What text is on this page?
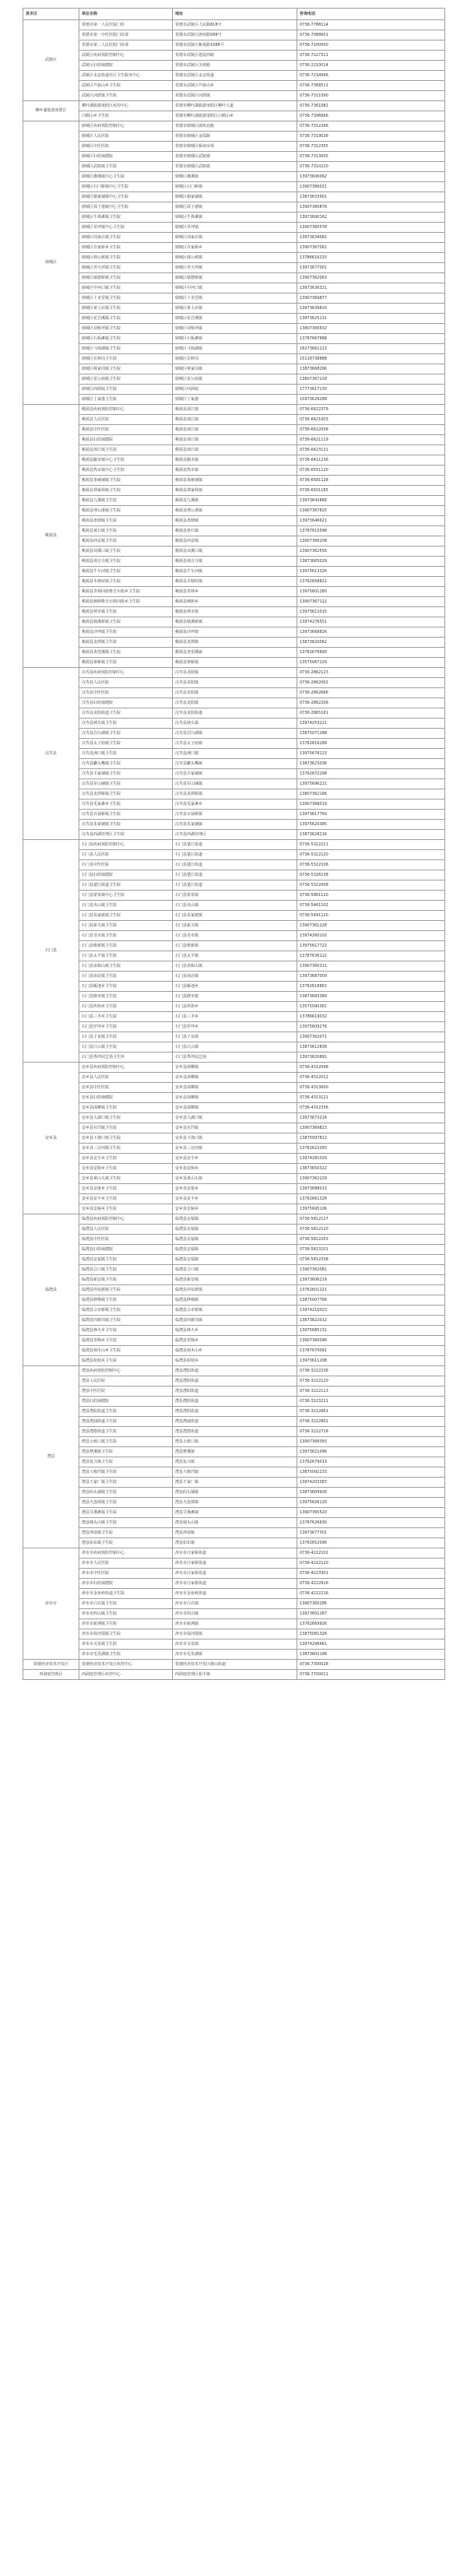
县市区	单位名称	地址	咨询电话
武陵区	常德市第一人民医院门诊	常德市武陵区人民路818号	0736-7788114
	常德市第一中医医院门诊部	常德市武陵区朗州路588号	0736-7088601
	常德市第二人民医院门诊部	常德市武陵区紫菱路1088号	0736-7200000
	武陵区疾病预防控制中心	常德市武陵区建设西路	0736-7227311
	武陵区妇幼保健院	常德市武陵区芙蓉路	0736-2210014
	武陵区永安街道社区卫生服务中心	常德市武陵区永安街道	0736-7234566
	武陵区芦荻山乡卫生院	常德市武陵区芦荻山乡	0736-7368511
	武陵区河洑镇卫生院	常德市武陵区河洑镇	0736-7311090
柳叶湖旅游度假区	柳叶湖旅游度假区疾控中心	常德市柳叶湖旅游度假区柳叶大道	0736-7361082
	白鹤山乡卫生院	常德市柳叶湖旅游度假区白鹤山乡	0736-7396666
鼎城区	鼎城区疾病预防控制中心	常德市鼎城区郎州北路	0736-7312266
	鼎城区人民医院	常德市鼎城区金霞路	0736-7319038
	鼎城区中医医院	常德市鼎城区桥南市场	0736-7312355
	鼎城区妇幼保健院	常德市鼎城区武陵镇	0736-7313005
	鼎城区武陵镇卫生院	常德市鼎城区武陵镇	0736-7310220
	鼎城区灌溪镇中心卫生院	鼎城区灌溪镇	13973606062
	鼎城区石门桥镇中心卫生院	鼎城区石门桥镇	13907366021
	鼎城区谢家铺镇中心卫生院	鼎城区谢家铺镇	13873633901
	鼎城区蒿子港镇中心卫生院	鼎城区蒿子港镇	13907360876
	鼎城区牛鼻滩镇卫生院	鼎城区牛鼻滩镇	13973690162
	鼎城区草坪镇中心卫生院	鼎城区草坪镇	13907360578
	鼎城区周家店镇卫生院	鼎城区周家店镇	13973634081
	鼎城区许家桥乡卫生院	鼎城区许家桥乡	13907367061
	鼎城区韩公渡镇卫生院	鼎城区韩公渡镇	13786616233
	鼎城区尧天坪镇卫生院	鼎城区尧天坪镇	13973677001
	鼎城区镇德桥镇卫生院	鼎城区镇德桥镇	13907362063
	鼎城区中河口镇卫生院	鼎城区中河口镇	13973636321
	鼎城区十美堂镇卫生院	鼎城区十美堂镇	13907369877
	鼎城区黄土店镇卫生院	鼎城区黄土店镇	13973639810
	鼎城区花岩溪镇卫生院	鼎城区花岩溪镇	13973625131
	鼎城区双桥坪镇卫生院	鼎城区双桥坪镇	13807366632
	鼎城区石板滩镇卫生院	鼎城区石板滩镇	13787667888
	鼎城区斗姆湖镇卫生院	鼎城区斗姆湖镇	18273661223
	鼎城区长岭岗卫生院	鼎城区长岭岗	15116738888
	鼎城区蔡家岗镇卫生院	鼎城区蔡家岗镇	13873668266
	鼎城区雷公庙镇卫生院	鼎城区雷公庙镇	13807367228
	鼎城区西洞庭卫生院	鼎城区西洞庭	17773617130
	鼎城区丁家港卫生院	鼎城区丁家港	15973629288
桃源县	桃源县疾病预防控制中心	桃源县漳江镇	0736-6622379
	桃源县人民医院	桃源县漳江镇	0736-6621003
	桃源县中医医院	桃源县漳江镇	0736-6622058
	桃源县妇幼保健院	桃源县漳江镇	0736-6621119
	桃源县漳江镇卫生院	桃源县漳江镇	0736-6623131
	桃源县陬市镇中心卫生院	桃源县陬市镇	0736-6411236
	桃源县热市镇中心卫生院	桃源县热市镇	0736-6551120
	桃源县茶庵铺镇卫生院	桃源县茶庵铺镇	0736-6581128
	桃源县郑家驿镇卫生院	桃源县郑家驿镇	0736-6501185
	桃源县九溪镇卫生院	桃源县九溪镇	13973642866
	桃源县理公港镇卫生院	桃源县理公港镇	13907367825
	桃源县盘塘镇卫生院	桃源县盘塘镇	13973646621
	桃源县黄石镇卫生院	桃源县黄石镇	13787615598
	桃源县西安镇卫生院	桃源县西安镇	13907366208
	桃源县双溪口镇卫生院	桃源县双溪口镇	13907362556
	桃源县观音寺镇卫生院	桃源县观音寺镇	13873665029
	桃源县牛车河镇卫生院	桃源县牛车河镇	13975613326
	桃源县木塘垸镇卫生院	桃源县木塘垸镇	13762658821
	桃源县青林回族维吾尔族乡卫生院	桃源县青林乡	13975601280
	桃源县枫树维吾尔族回族乡卫生院	桃源县枫树乡	13907367122
	桃源县剪市镇卫生院	桃源县剪市镇	13973612015
	桃源县杨溪桥镇卫生院	桃源县杨溪桥镇	13974276551
	桃源县沙坪镇卫生院	桃源县沙坪镇	13973668826
	桃源县龙潭镇卫生院	桃源县龙潭镇	13873620062
	桃源县夷望溪镇卫生院	桃源县夷望溪镇	13762676690
	桃源县架桥镇卫生院	桃源县架桥镇	13575067229
汉寿县	汉寿县疾病预防控制中心	汉寿县龙阳镇	0736-2862123
	汉寿县人民医院	汉寿县龙阳镇	0736-2862002
	汉寿县中医医院	汉寿县龙阳镇	0736-2862666
	汉寿县妇幼保健院	汉寿县龙阳镇	0736-2862206
	汉寿县龙阳街道卫生院	汉寿县龙阳街道	0736-2865161
	汉寿县坡头镇卫生院	汉寿县坡头镇	13974253221
	汉寿县岩汪湖镇卫生院	汉寿县岩汪湖镇	13875071288
	汉寿县太子庙镇卫生院	汉寿县太子庙镇	13762616289
	汉寿县洲口镇卫生院	汉寿县洲口镇	13975678123
	汉寿县罐头嘴镇卫生院	汉寿县罐头嘴镇	13873623036
	汉寿县丰家铺镇卫生院	汉寿县丰家铺镇	13762672298
	汉寿县军山铺镇卫生院	汉寿县军山铺镇	13975696221
	汉寿县龙潭桥镇卫生院	汉寿县龙潭桥镇	13807362166
	汉寿县毛家滩乡卫生院	汉寿县毛家滩乡	13907368019
	汉寿县百禄桥镇卫生院	汉寿县百禄桥镇	13973617760
	汉寿县朱家铺镇卫生院	汉寿县朱家铺镇	13975620385
	汉寿县西湖管理区卫生院	汉寿县西湖管理区	13873628216
石门县	石门县疾病预防控制中心	石门县楚江街道	0736-5322221
	石门县人民医院	石门县楚江街道	0736-5322120
	石门县中医医院	石门县楚江街道	0736-5322106
	石门县妇幼保健院	石门县楚江街道	0736-5326138
	石门县楚江街道卫生院	石门县楚江街道	0736-5322008
	石门县蒙泉镇中心卫生院	石门县蒙泉镇	0736-5881120
	石门县夹山镇卫生院	石门县夹山镇	0736-5461102
	石门县易家渡镇卫生院	石门县易家渡镇	0736-5491120
	石门县新关镇卫生院	石门县新关镇	13907361228
	石门县皂市镇卫生院	石门县皂市镇	13974260102
	石门县维新镇卫生院	石门县维新镇	13975617722
	石门县太平镇卫生院	石门县太平镇	13787636122
	石门县壶瓶山镇卫生院	石门县壶瓶山镇	13907360311
	石门县南北镇卫生院	石门县南北镇	13973687009
	石门县雁池乡卫生院	石门县雁池乡	13762618863
	石门县磨市镇卫生院	石门县磨市镇	13873683380
	石门县所街乡卫生院	石门县所街乡	13575090361
	石门县三圣乡卫生院	石门县三圣乡	13786619032
	石门县罗坪乡卫生院	石门县罗坪乡	13975609276
	石门县子良镇卫生院	石门县子良镇	13907362071
	石门县白云镇卫生院	石门县白云镇	13873612836
	石门县秀坪园艺场卫生所	石门县秀坪园艺场	13973620891
安乡县	安乡县疾病预防控制中心	安乡县深柳镇	0736-4312098
	安乡县人民医院	安乡县深柳镇	0736-4312012
	安乡县中医医院	安乡县深柳镇	0736-4313600
	安乡县妇幼保健院	安乡县深柳镇	0736-4313121
	安乡县深柳镇卫生院	安乡县深柳镇	0736-4312336
	安乡县大湖口镇卫生院	安乡县大湖口镇	13973673218
	安乡县官垱镇卫生院	安乡县官垱镇	13907369823
	安乡县下渔口镇卫生院	安乡县下渔口镇	13875097812
	安乡县三岔河镇卫生院	安乡县三岔河镇	13762621093
	安乡县安全乡卫生院	安乡县安全乡	13974281029
	安乡县安障乡卫生院	安乡县安障乡	13873650322
	安乡县黄山头镇卫生院	安乡县黄山头镇	13907362229
	安乡县安康乡卫生院	安乡县安康乡	13973688013
	安乡县安丰乡卫生院	安乡县安丰乡	13762661326
	安乡县安凝乡卫生院	安乡县安凝乡	13975695106
临澧县	临澧县疾病预防控制中心	临澧县安福镇	0736-5812127
	临澧县人民医院	临澧县安福镇	0736-5812120
	临澧县中医医院	临澧县安福镇	0736-5812203
	临澧县妇幼保健院	临澧县安福镇	0736-5813101
	临澧县安福镇卫生院	临澧县安福镇	0736-5812338
	临澧县合口镇卫生院	临澧县合口镇	13907362081
	临澧县新安镇卫生院	临澧县新安镇	13973606219
	临澧县停弦渡镇卫生院	临澧县停弦渡镇	13762601221
	临澧县修梅镇卫生院	临澧县修梅镇	13875007766
	临澧县佘市桥镇卫生院	临澧县佘市桥镇	13974210023
	临澧县四新岗镇卫生院	临澧县四新岗镇	13873622012
	临澧县烽火乡卫生院	临澧县烽火乡	13975685131
	临澧县望城乡卫生院	临澧县望城乡	13907360096
	临澧县刻木山乡卫生院	临澧县刻木山乡	13787670091
	临澧县柏枝乡卫生院	临澧县柏枝乡	13973611208
澧县	澧县疾病预防控制中心	澧县澧阳街道	0736-3222236
	澧县人民医院	澧县澧阳街道	0736-3222120
	澧县中医医院	澧县澧阳街道	0736-3222113
	澧县妇幼保健院	澧县澧阳街道	0736-3223211
	澧县澧阳街道卫生院	澧县澧阳街道	0736-3222661
	澧县澧浦街道卫生院	澧县澧浦街道	0736-3222802
	澧县澧澹街道卫生院	澧县澧澹街道	0736-3222716
	澧县小渡口镇卫生院	澧县小渡口镇	13907366093
	澧县梦溪镇卫生院	澧县梦溪镇	13973621096
	澧县复兴镇卫生院	澧县复兴镇	13762679013
	澧县大堰垱镇卫生院	澧县大堰垱镇	13875092233
	澧县王家厂镇卫生院	澧县王家厂镇	13974203387
	澧县码头铺镇卫生院	澧县码头铺镇	13873609926
	澧县火连坡镇卫生院	澧县火连坡镇	13975626120
	澧县甘溪滩镇卫生院	澧县甘溪滩镇	13907365520
	澧县城头山镇卫生院	澧县城头山镇	13787626630
	澧县涔南镇卫生院	澧县涔南镇	13973677301
	澧县如东镇卫生院	澧县如东镇	13762652096
津市市	津市市疾病预防控制中心	津市市汪家桥街道	0736-4222102
	津市市人民医院	津市市汪家桥街道	0736-4222120
	津市市中医医院	津市市汪家桥街道	0736-4223301
	津市市妇幼保健院	津市市汪家桥街道	0736-4222816
	津市市金鱼岭街道卫生院	津市市金鱼岭街道	0736-4222216
	津市市白衣镇卫生院	津市市白衣镇	13907360286
	津市市药山镇卫生院	津市市药山镇	13973601287
	津市市新洲镇卫生院	津市市新洲镇	13762669926
	津市市保河堤镇卫生院	津市市保河堤镇	13875081326
	津市市灵泉镇卫生院	津市市灵泉镇	13974296661
	津市市毛里湖镇卫生院	津市市毛里湖镇	13873602188
常德经济技术开发区	常德经济技术开发区疾控中心	常德经济技术开发区德山街道	0736-7300028
西洞庭管理区	西洞庭管理区疾控中心	西洞庭管理区祝丰镇	0736-7700011
